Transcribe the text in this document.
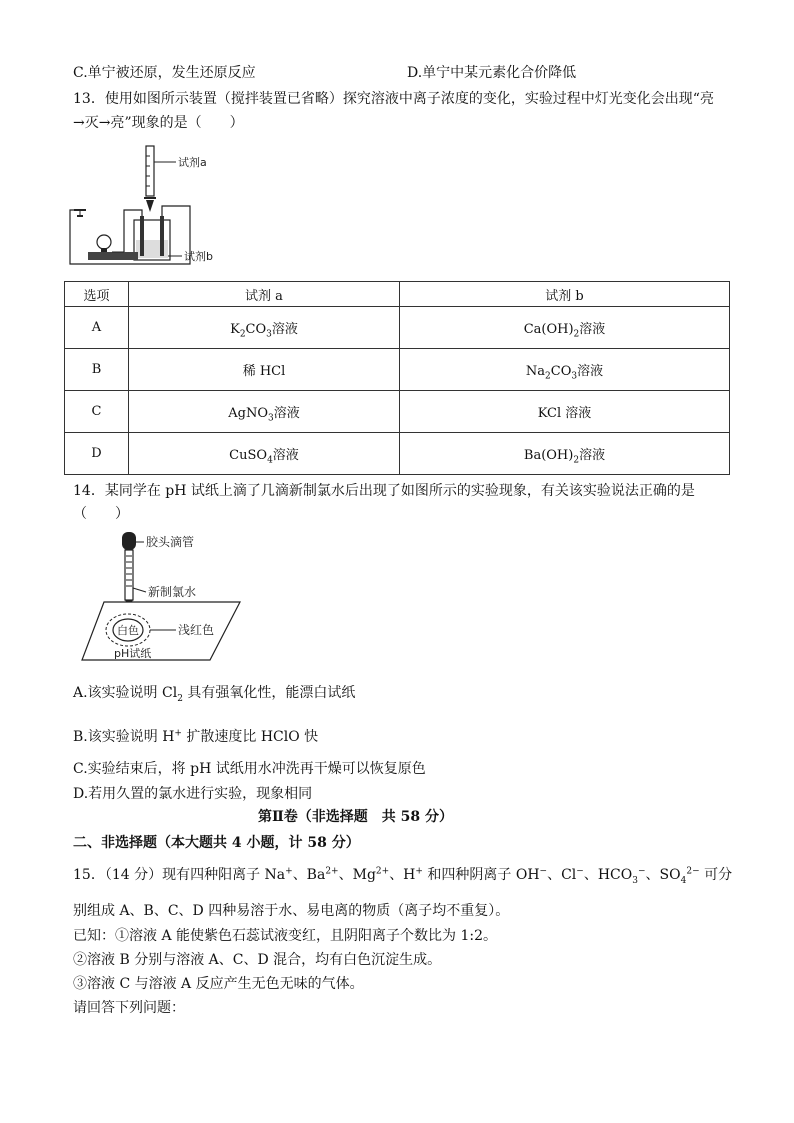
C.单宁被还原，发生还原反应	D.单宁中某元素化合价降低
13．使用如图所示装置（搅拌装置已省略）探究溶液中离子浓度的变化，实验过程中灯光变化会出现“亮
→灭→亮”现象的是（　　）
试剂a
试剂b
选项	试剂 a	试剂 b
A	$K_2CO_3$溶液	$Ca(OH)_2$溶液
B	稀 HCl	$Na_2CO_3$溶液
C	AgNO$_3$溶液	KCl 溶液
D	CuSO$_4$溶液	$Ba(OH)_2$溶液
14．某同学在 pH 试纸上滴了几滴新制氯水后出现了如图所示的实验现象，有关该实验说法正确的是
（　　）
胶头滴管
新制氯水
白色	浅红色
pH试纸
A.该实验说明 $Cl_2$ 具有强氧化性，能漂白试纸
B.该实验说明 H+ 扩散速度比 HClO 快
C.实验结束后，将 pH 试纸用水冲洗再干燥可以恢复原色
D.若用久置的氯水进行实验，现象相同
第Ⅱ卷（非选择题　共 58 分）
二、非选择题（本大题共 4 小题，计 58 分）
15．（14 分）现有四种阳离子 Na+、$Ba^{2+}$、$Mg^{2+}$、H+ 和四种阴离子 OH−、Cl−、$HCO_3^-$、$SO_4^{2-}$ 可分
别组成 A、B、C、D 四种易溶于水、易电离的物质（离子均不重复）。
已知：①溶液 A 能使紫色石蕊试液变红，且阴阳离子个数比为 1:2。
②溶液 B 分别与溶液 A、C、D 混合，均有白色沉淀生成。
③溶液 C 与溶液 A 反应产生无色无味的气体。
请回答下列问题：
